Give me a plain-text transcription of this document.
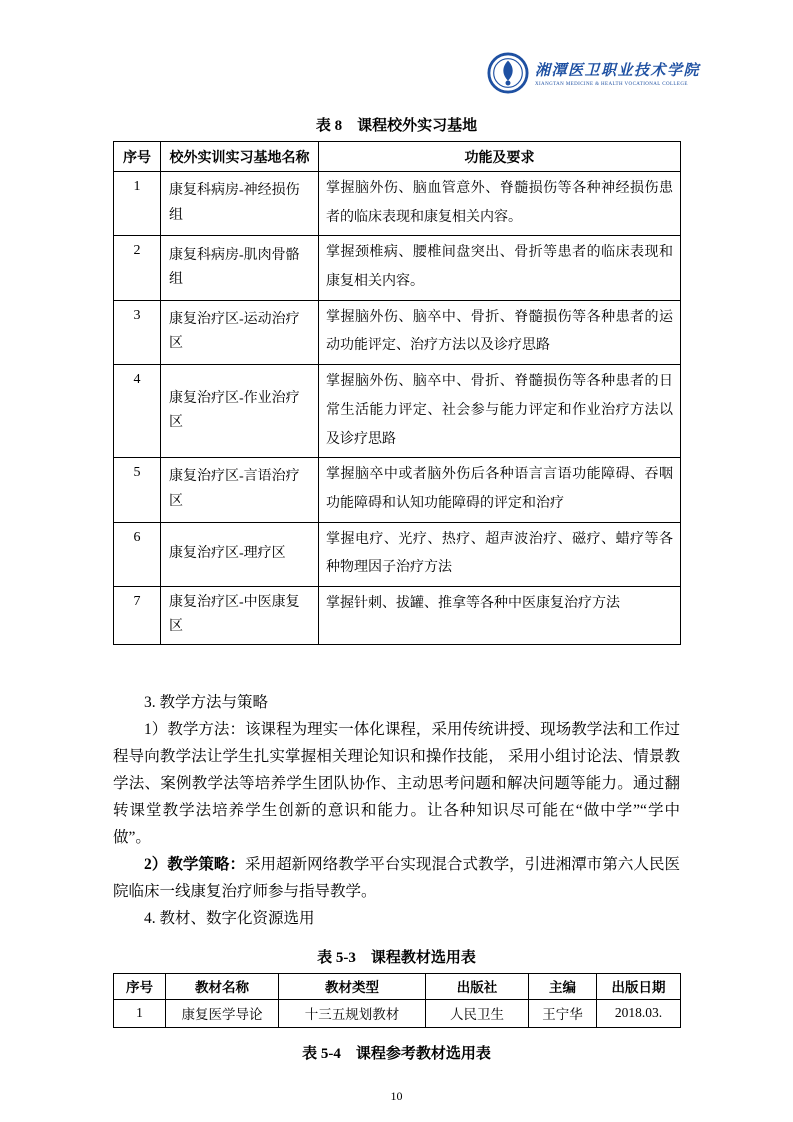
湘潭医卫职业技术学院
XIANGTAN MEDICINE & HEALTH VOCATIONAL COLLEGE
表 8　课程校外实习基地
序号	校外实训实习基地名称	功能及要求
1	康复科病房-神经损伤组	掌握脑外伤、脑血管意外、脊髓损伤等各种神经损伤患者的临床表现和康复相关内容。
2	康复科病房-肌肉骨骼组	掌握颈椎病、腰椎间盘突出、骨折等患者的临床表现和康复相关内容。
3	康复治疗区-运动治疗区	掌握脑外伤、脑卒中、骨折、脊髓损伤等各种患者的运动功能评定、治疗方法以及诊疗思路
4	康复治疗区-作业治疗区	掌握脑外伤、脑卒中、骨折、脊髓损伤等各种患者的日常生活能力评定、社会参与能力评定和作业治疗方法以及诊疗思路
5	康复治疗区-言语治疗区	掌握脑卒中或者脑外伤后各种语言言语功能障碍、吞咽功能障碍和认知功能障碍的评定和治疗
6	康复治疗区-理疗区	掌握电疗、光疗、热疗、超声波治疗、磁疗、蜡疗等各种物理因子治疗方法
7	康复治疗区-中医康复区	掌握针刺、拔罐、推拿等各种中医康复治疗方法

3. 教学方法与策略

1）教学方法：该课程为理实一体化课程，采用传统讲授、现场教学法和工作过程导向教学法让学生扎实掌握相关理论知识和操作技能， 采用小组讨论法、情景教学法、案例教学法等培养学生团队协作、主动思考问题和解决问题等能力。通过翻转课堂教学法培养学生创新的意识和能力。让各种知识尽可能在“做中学”“学中做”。

2）教学策略：采用超新网络教学平台实现混合式教学，引进湘潭市第六人民医院临床一线康复治疗师参与指导教学。

4. 教材、数字化资源选用

表 5-3　课程教材选用表
序号	教材名称	教材类型	出版社	主编	出版日期
1	康复医学导论	十三五规划教材	人民卫生	王宁华	2018.03.
表 5-4　课程参考教材选用表
10
